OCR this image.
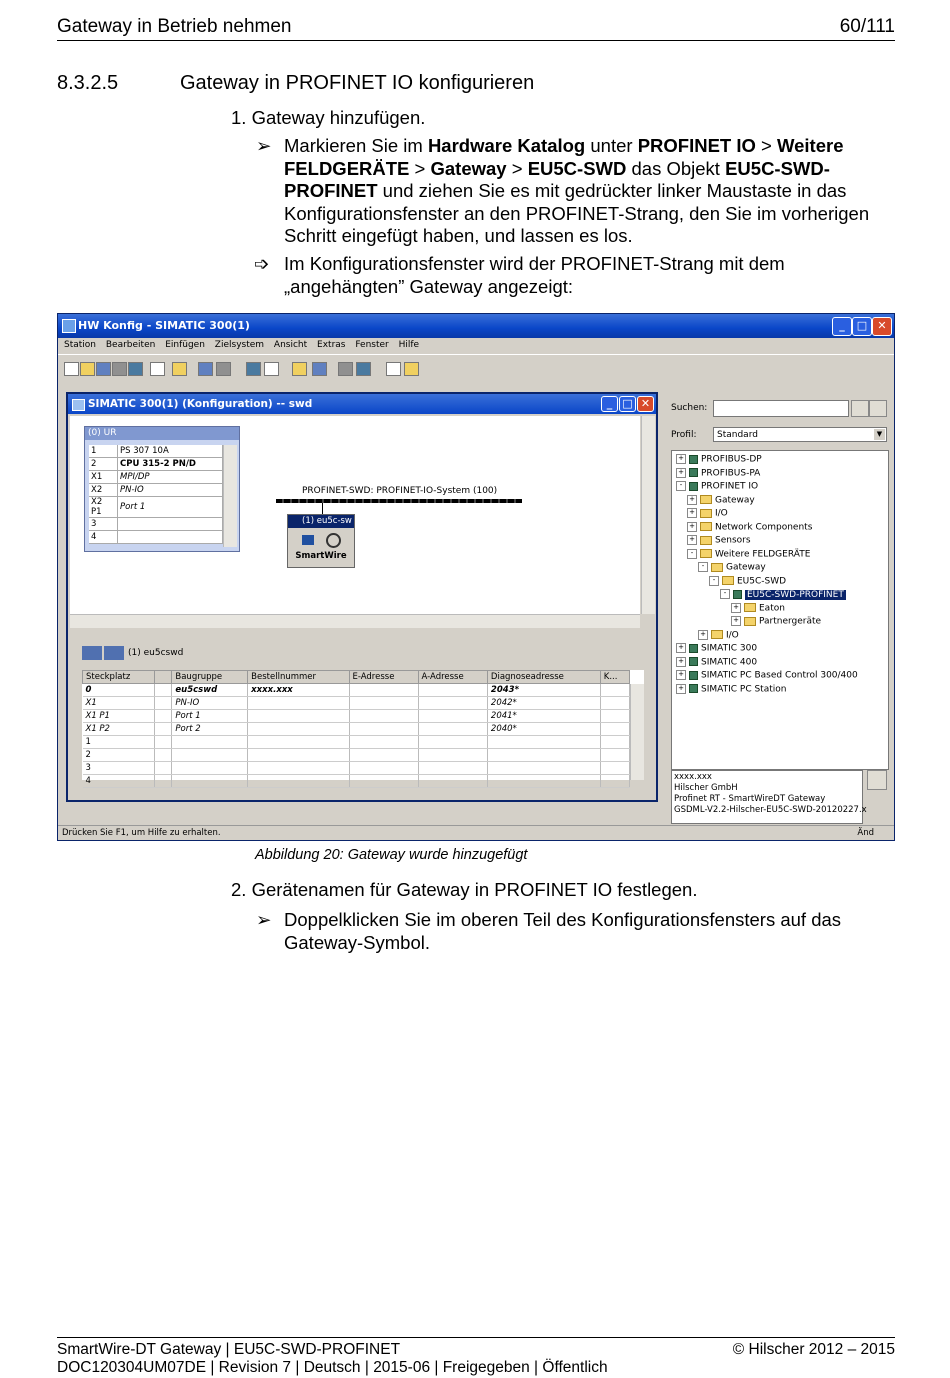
Gateway in Betrieb nehmen	60/111
8.3.2.5	Gateway in PROFINET IO konfigurieren
1. Gateway hinzufügen.
➢ Markieren Sie im Hardware Katalog unter PROFINET IO > Weitere
FELDGERÄTE > Gateway > EU5C-SWD das Objekt EU5C-SWD-
PROFINET und ziehen Sie es mit gedrückter linker Maustaste in das
Konfigurationsfenster an den PROFINET-Strang, den Sie im vorherigen
Schritt eingefügt haben, und lassen es los.
➩ Im Konfigurationsfenster wird der PROFINET-Strang mit dem
„angehängten” Gateway angezeigt:
HW Konfig - SIMATIC 300(1)	_	□ ✕
Station Bearbeiten Einfügen Zielsystem Ansicht Extras Fenster Hilfe
SIMATIC 300(1) (Konfiguration) -- swd	_ □ ✕
(0) UR
1	PS 307 10A
2	CPU 315-2 PN/D
X1	MPI/DP
X2	PN-IO
X2 P1	Port 1
3	
4	
PROFINET-SWD: PROFINET-IO-System (100)
(1) eu5c-sw
SmartWire
(1) eu5cswd
Steckplatz		Baugruppe	Bestellnummer	E-Adresse	A-Adresse	Diagnoseadresse	K...
0		eu5cswd	xxxx.xxx			2043*	
X1		PN-IO				2042*	
X1 P1		Port 1				2041*	
X1 P2		Port 2				2040*	
1							
2							
3							
4							
Suchen:
Profil:	Standard	▼
+ PROFIBUS-DP
+ PROFIBUS-PA
- PROFINET IO
+ Gateway
+ I/O
+ Network Components
+ Sensors
- Weitere FELDGERÄTE
- Gateway
- EU5C-SWD
- EU5C-SWD-PROFINET
+ Eaton
+ Partnergeräte
+ I/O
+ SIMATIC 300
+ SIMATIC 400
+ SIMATIC PC Based Control 300/400
+ SIMATIC PC Station
xxxx.xxx
Hilscher GmbH
Profinet RT - SmartWireDT Gateway
GSDML-V2.2-Hilscher-EU5C-SWD-20120227.x
Drücken Sie F1, um Hilfe zu erhalten.	Änd
Abbildung 20: Gateway wurde hinzugefügt
2. Gerätenamen für Gateway in PROFINET IO festlegen.
➢ Doppelklicken Sie im oberen Teil des Konfigurationsfensters auf das
Gateway-Symbol.
SmartWire-DT Gateway | EU5C-SWD-PROFINET
DOC120304UM07DE | Revision 7 | Deutsch | 2015-06 | Freigegeben | Öffentlich
© Hilscher 2012 – 2015
